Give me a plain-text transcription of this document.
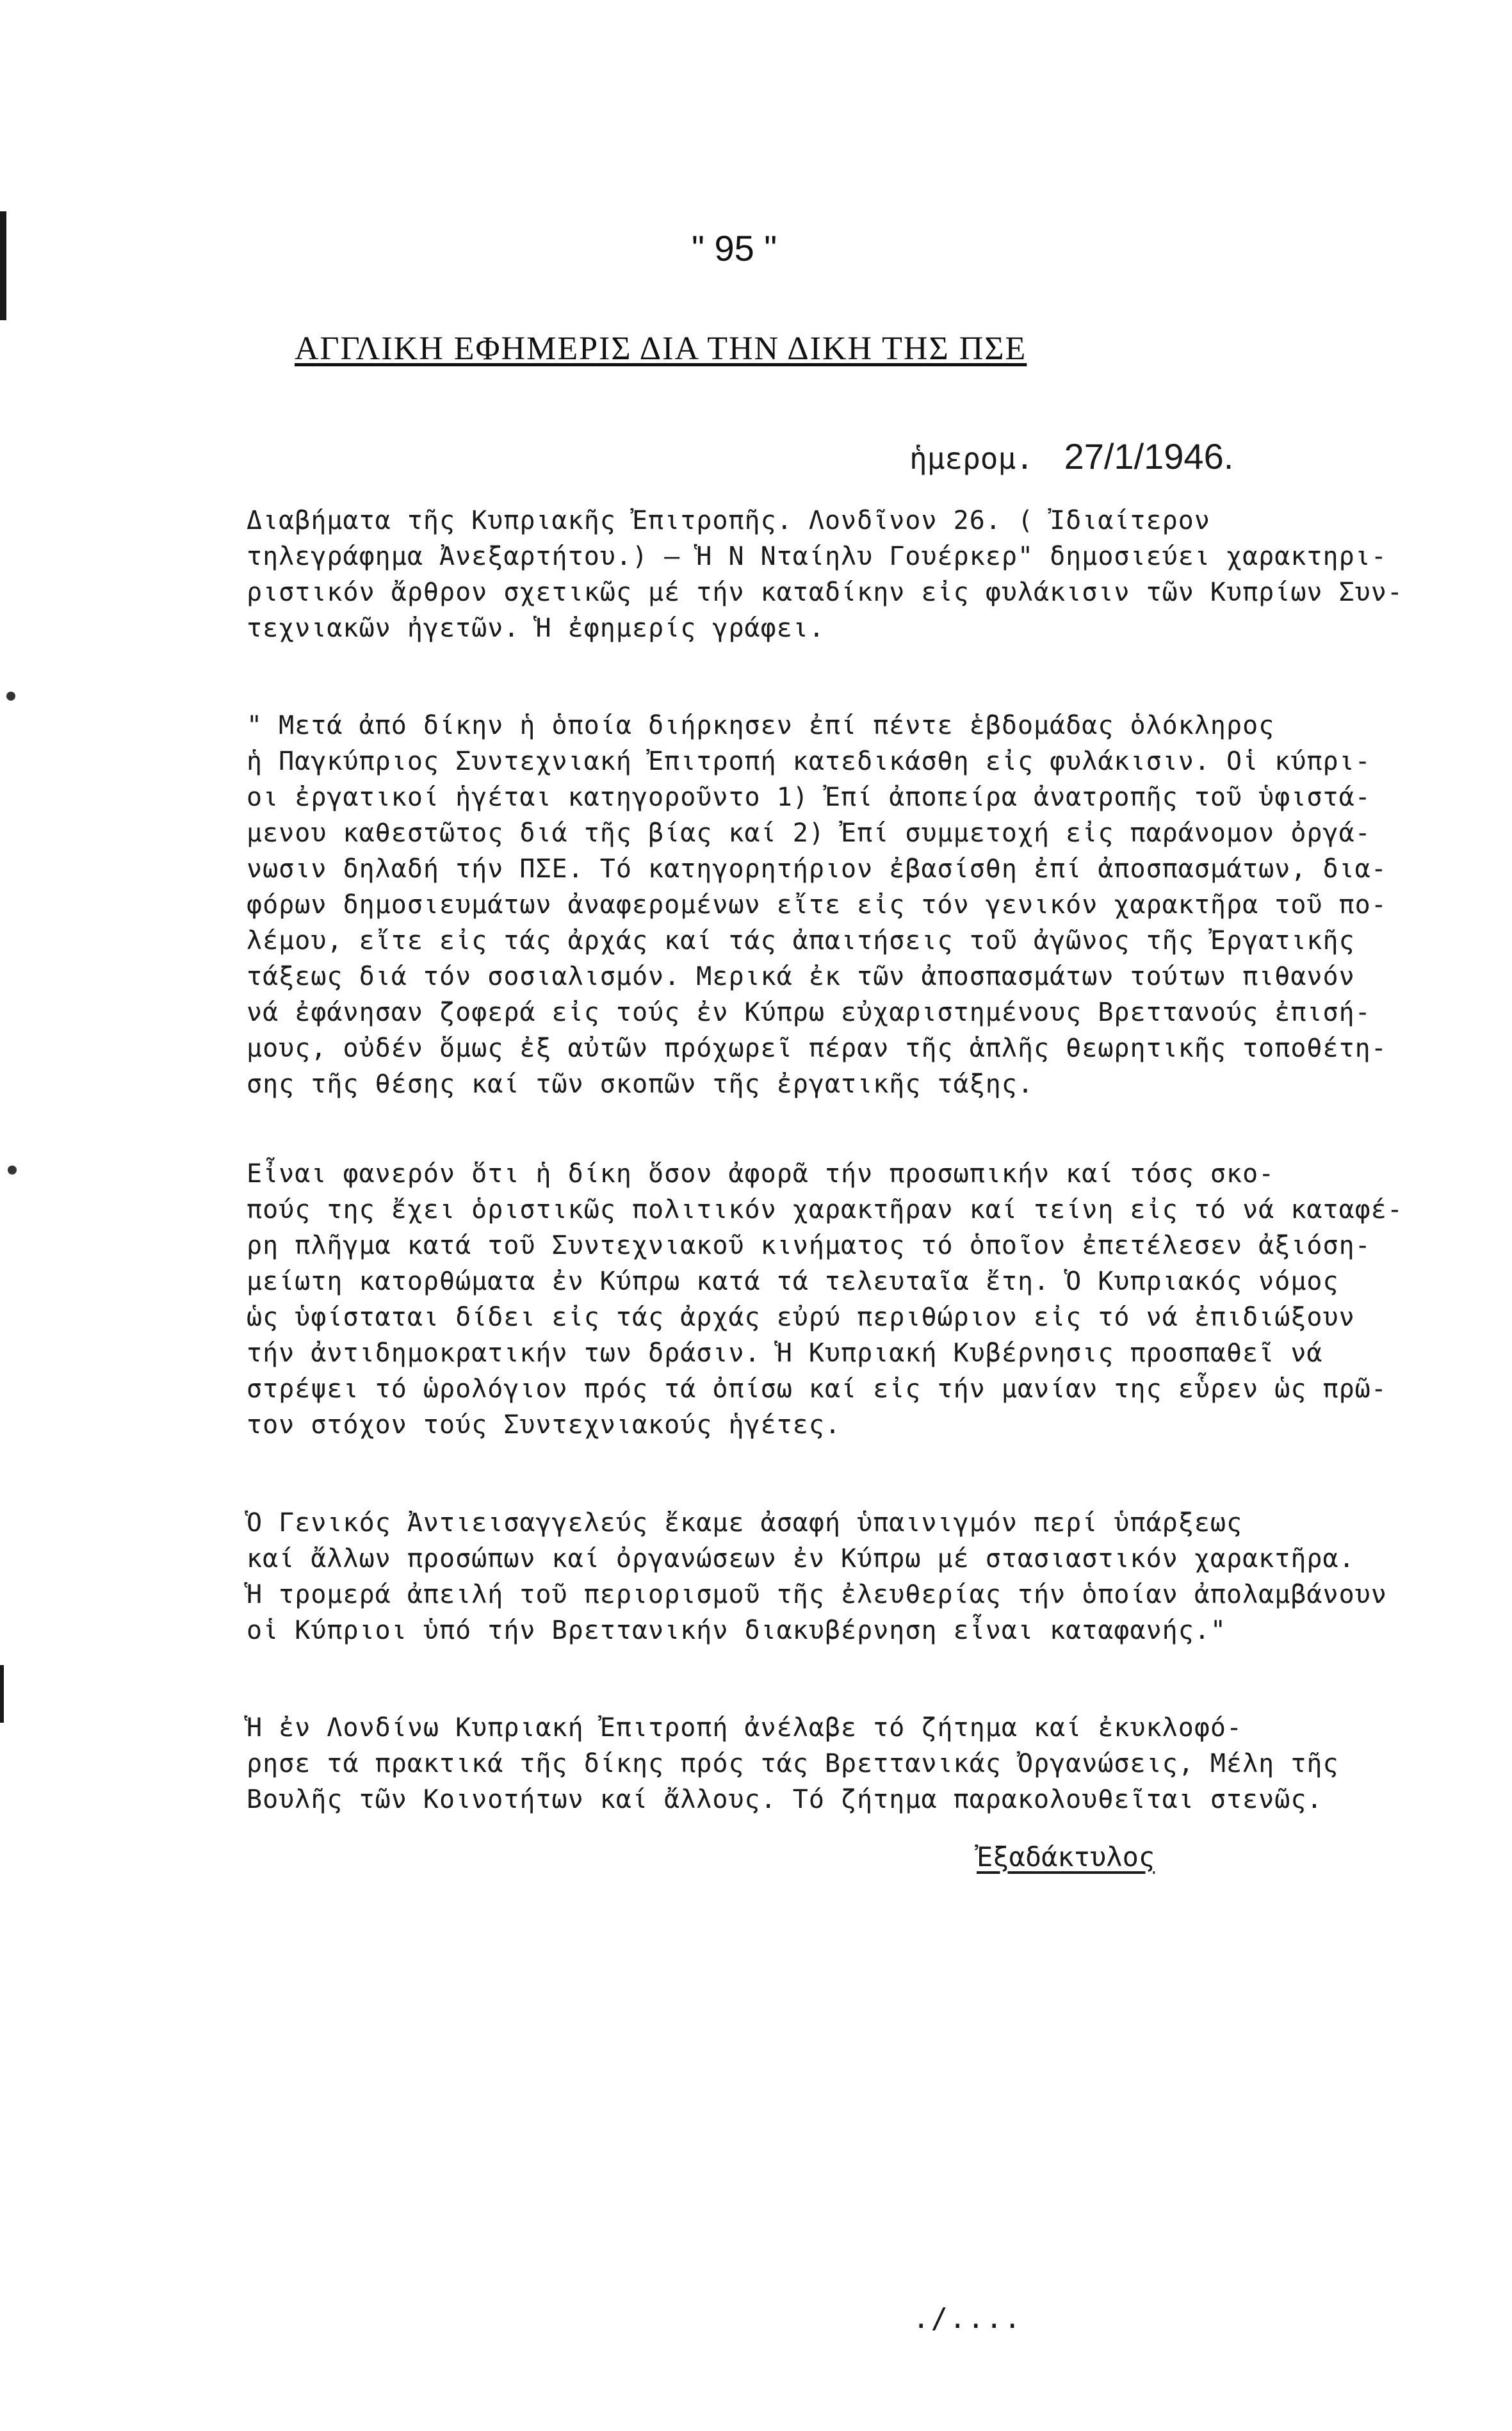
" 95 "
ΑΓΓΛΙΚΗ ΕΦΗΜΕΡΙΣ ΔΙΑ ΤΗΝ ΔΙΚΗ ΤΗΣ ΠΣΕ
ἡμερομ. 27/1/1946.
Διαβήματα τῆς Κυπριακῆς Ἐπιτροπῆς. Λονδῖνον 26. ( Ἰδιαίτερον
τηλεγράφημα Ἀνεξαρτήτου.) — Ἡ Ν Νταίηλυ Γουέρκερ" δημοσιεύει χαρακτηρι-
ριστικόν ἄρθρον σχετικῶς μέ τήν καταδίκην εἰς φυλάκισιν τῶν Κυπρίων Συν-
τεχνιακῶν ἠγετῶν. Ἡ ἐφημερίς γράφει.
" Μετά ἀπό δίκην ἡ ὁποία διήρκησεν ἐπί πέντε ἑβδομάδας ὁλόκληρος
ἡ Παγκύπριος Συντεχνιακή Ἐπιτροπή κατεδικάσθη εἰς φυλάκισιν. Οἱ κύπρι-
οι ἐργατικοί ἡγέται κατηγοροῦντο 1) Ἐπί ἀποπείρα ἀνατροπῆς τοῦ ὑφιστά-
μενου καθεστῶτος διά τῆς βίας καί 2) Ἐπί συμμετοχή εἰς παράνομον ὀργά-
νωσιν δηλαδή τήν ΠΣΕ. Τό κατηγορητήριον ἐβασίσθη ἐπί ἀποσπασμάτων, δια-
φόρων δημοσιευμάτων ἀναφερομένων εἴτε εἰς τόν γενικόν χαρακτῆρα τοῦ πο-
λέμου, εἴτε εἰς τάς ἀρχάς καί τάς ἀπαιτήσεις τοῦ ἀγῶνος τῆς Ἐργατικῆς
τάξεως διά τόν σοσιαλισμόν. Μερικά ἐκ τῶν ἀποσπασμάτων τούτων πιθανόν
νά ἐφάνησαν ζοφερά εἰς τούς ἐν Κύπρω εὐχαριστημένους Βρεττανούς ἐπισή-
μους, οὐδέν ὅμως ἐξ αὐτῶν πρόχωρεῖ πέραν τῆς ἁπλῆς θεωρητικῆς τοποθέτη-
σης τῆς θέσης καί τῶν σκοπῶν τῆς ἐργατικῆς τάξης.
Εἶναι φανερόν ὅτι ἡ δίκη ὅσον ἀφορᾶ τήν προσωπικήν καί τόσς σκο-
πούς της ἔχει ὁριστικῶς πολιτικόν χαρακτῆραν καί τείνη εἰς τό νά καταφέ-
ρη πλῆγμα κατά τοῦ Συντεχνιακοῦ κινήματος τό ὁποῖον ἐπετέλεσεν ἀξιόση-
μείωτη κατορθώματα ἐν Κύπρω κατά τά τελευταῖα ἔτη. Ὁ Κυπριακός νόμος
ὡς ὑφίσταται δίδει εἰς τάς ἀρχάς εὐρύ περιθώριον εἰς τό νά ἐπιδιώξουν
τήν ἀντιδημοκρατικήν των δράσιν. Ἡ Κυπριακή Κυβέρνησις προσπαθεῖ νά
στρέψει τό ὡρολόγιον πρός τά ὀπίσω καί εἰς τήν μανίαν της εὗρεν ὡς πρῶ-
τον στόχον τούς Συντεχνιακούς ἡγέτες.
Ὁ Γενικός Ἀντιεισαγγελεύς ἔκαμε ἀσαφή ὑπαινιγμόν περί ὑπάρξεως
καί ἄλλων προσώπων καί ὀργανώσεων ἐν Κύπρω μέ στασιαστικόν χαρακτῆρα.
Ἡ τρομερά ἀπειλή τοῦ περιορισμοῦ τῆς ἐλευθερίας τήν ὁποίαν ἀπολαμβάνουν
οἱ Κύπριοι ὑπό τήν Βρεττανικήν διακυβέρνηση εἶναι καταφανής."
Ἡ ἐν Λονδίνω Κυπριακή Ἐπιτροπή ἀνέλαβε τό ζήτημα καί ἐκυκλοφό-
ρησε τά πρακτικά τῆς δίκης πρός τάς Βρεττανικάς Ὀργανώσεις, Μέλη τῆς
Βουλῆς τῶν Κοινοτήτων καί ἄλλους. Τό ζήτημα παρακολουθεῖται στενῶς.
Ἐξαδάκτυλος
./....
